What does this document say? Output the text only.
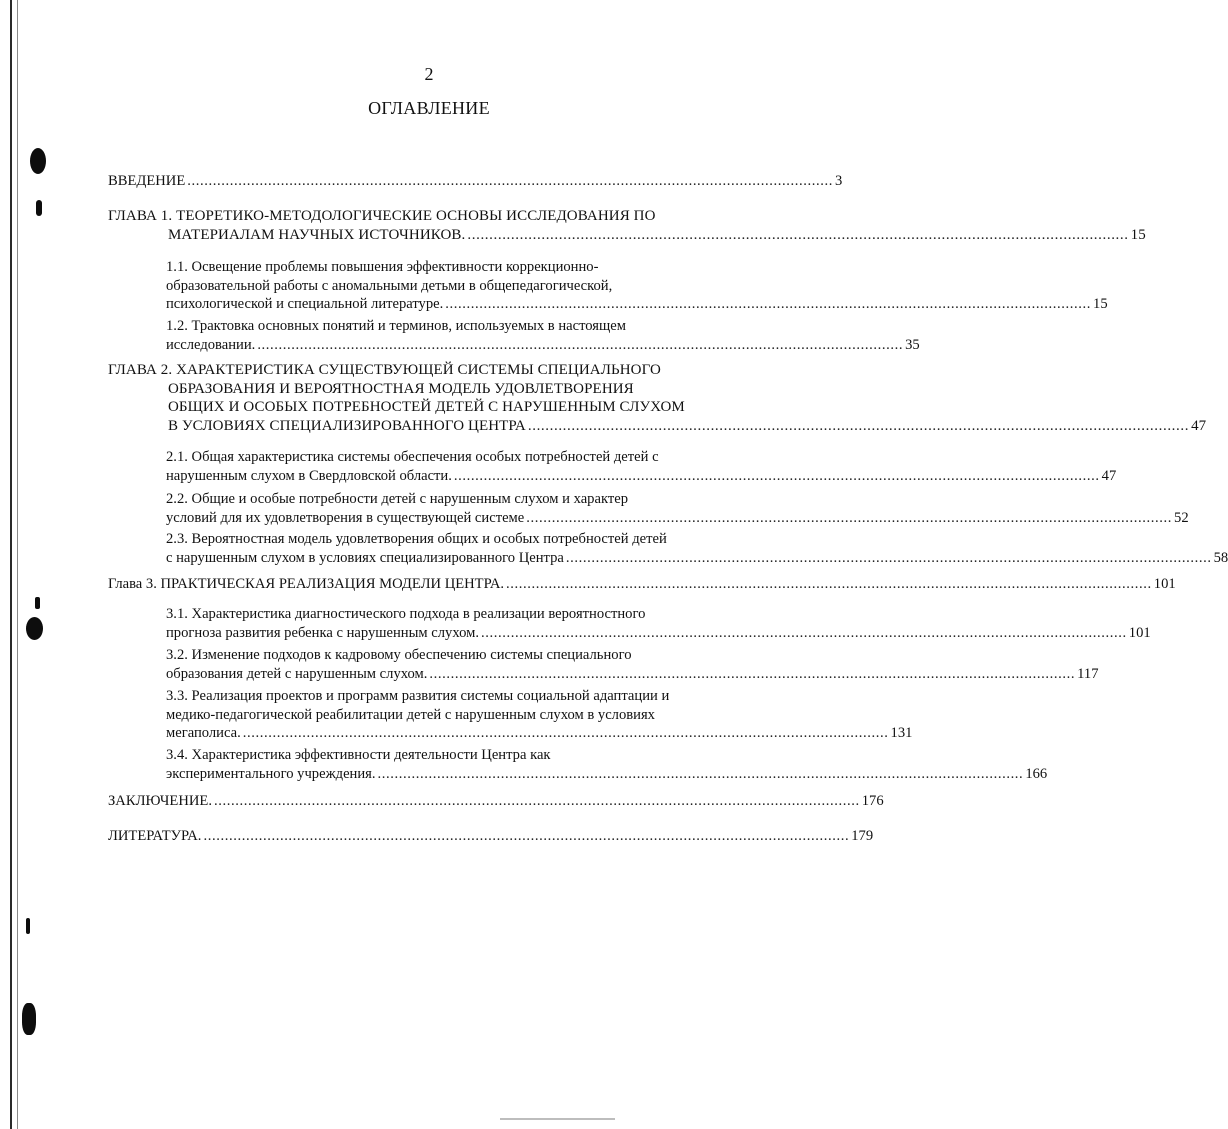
2
ОГЛАВЛЕНИЕ
ВВЕДЕНИЕ ........................................................................................................................................................ 3
ГЛАВА 1. ТЕОРЕТИКО-МЕТОДОЛОГИЧЕСКИЕ ОСНОВЫ ИССЛЕДОВАНИЯ ПО
МАТЕРИАЛАМ НАУЧНЫХ ИСТОЧНИКОВ. ........................................................................................................................................................ 15
1.1. Освещение проблемы повышения эффективности коррекционно-
образовательной работы с аномальными детьми в общепедагогической,
психологической и специальной литературе. ........................................................................................................................................................ 15
1.2. Трактовка основных понятий и терминов, используемых в настоящем
исследовании. ........................................................................................................................................................ 35
ГЛАВА 2. ХАРАКТЕРИСТИКА СУЩЕСТВУЮЩЕЙ СИСТЕМЫ СПЕЦИАЛЬНОГО
ОБРАЗОВАНИЯ И ВЕРОЯТНОСТНАЯ МОДЕЛЬ УДОВЛЕТВОРЕНИЯ
ОБЩИХ И ОСОБЫХ ПОТРЕБНОСТЕЙ ДЕТЕЙ С НАРУШЕННЫМ СЛУХОМ
В УСЛОВИЯХ СПЕЦИАЛИЗИРОВАННОГО ЦЕНТРА ........................................................................................................................................................ 47
2.1. Общая характеристика системы обеспечения особых потребностей детей с
нарушенным слухом в Свердловской области. ........................................................................................................................................................ 47
2.2. Общие и особые потребности детей с нарушенным слухом и характер
условий для их удовлетворения в существующей системе ........................................................................................................................................................ 52
2.3. Вероятностная модель удовлетворения общих и особых потребностей детей
с нарушенным слухом в условиях специализированного Центра ........................................................................................................................................................ 58
Глава 3. ПРАКТИЧЕСКАЯ РЕАЛИЗАЦИЯ МОДЕЛИ ЦЕНТРА. ........................................................................................................................................................ 101
3.1. Характеристика диагностического подхода в реализации вероятностного
прогноза развития ребенка с нарушенным слухом. ........................................................................................................................................................ 101
3.2. Изменение подходов к кадровому обеспечению системы специального
образования детей с нарушенным слухом. ........................................................................................................................................................ 117
3.3. Реализация проектов и программ развития системы социальной адаптации и
медико-педагогической реабилитации детей с нарушенным слухом в условиях
мегаполиса. ........................................................................................................................................................ 131
3.4. Характеристика эффективности деятельности Центра как
экспериментального учреждения. ........................................................................................................................................................ 166
ЗАКЛЮЧЕНИЕ. ........................................................................................................................................................ 176
ЛИТЕРАТУРА. ........................................................................................................................................................ 179
